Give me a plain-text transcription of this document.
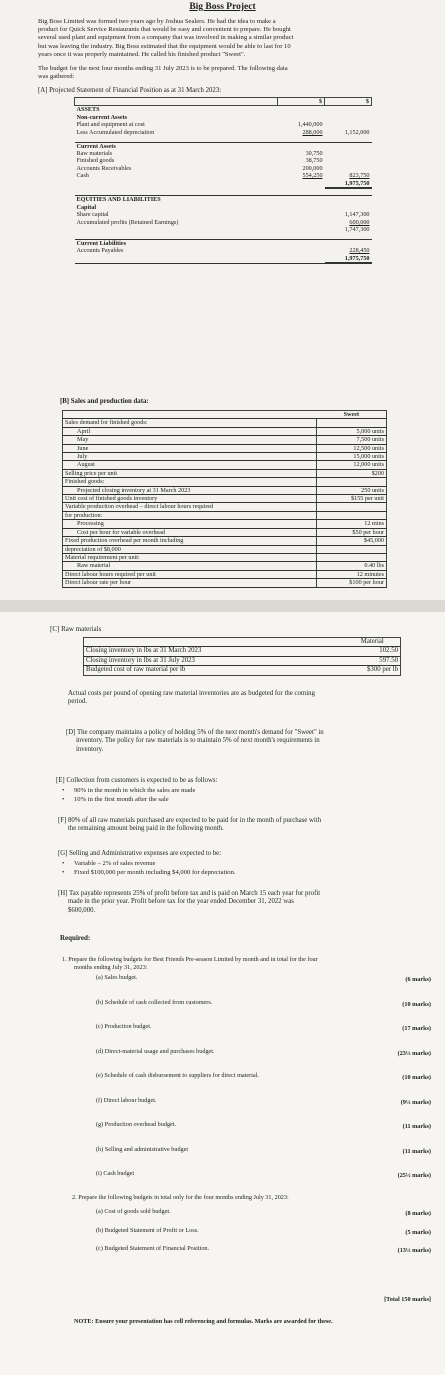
Big Boss Project
Big Boss Limited was formed two years ago by Joshua Sealers. He had the idea to make a
product for Quick Service Restaurants that would be easy and convenient to prepare. He bought
several used plant and equipment from a company that was involved in making a similar product
but was leaving the industry. Big Boss estimated that the equipment would be able to last for 10
years once it was properly maintained. He called his finished product "Sweet".
The budget for the next four months ending 31 July 2023 is to be prepared. The following data
was gathered:
[A] Projected Statement of Financial Position as at 31 March 2023:
	$	$
ASSETS		
Non-current Assets		
Plant and equipment at cost	1,440,000	
Less Accumulated depreciation	288,000	1,152,000

Current Assets		
Raw materials	30,750	
Finished goods	38,750	
Accounts Receivables	200,000	
Cash	554,250	823,750
		1,975,750

EQUITIES AND LIABILITIES		
Capital		
Share capital		1,147,300
Accumulated profits (Retained Earnings)		600,000
		1,747,300

Current Liabilities		
Accounts Payables		228,450
		1,975,750
[B] Sales and production data:
	Sweet
Sales demand for finished goods:	
April	5,000 units
May	7,500 units
June	12,500 units
July	15,000 units
August	12,000 units
Selling price per unit	$200
Finished goods:	
Projected closing inventory at 31 March 2023	250 units
Unit cost of finished goods inventory	$155 per unit
Variable production overhead – direct labour hours required	
for production:	
Processing	12 mins
Cost per hour for variable overhead	$50 per hour
Fixed production overhead per month including	$45,000
depreciation of $8,000	
Material requirement per unit:	
Raw material	0.40 lbs
Direct labour hours required per unit	12 minutes
Direct labour rate per hour	$100 per hour
[C] Raw materials
	Material
Closing inventory in lbs at 31 March 2023	102.50
Closing inventory in lbs at 31 July 2023	597.50
Budgeted cost of raw material per lb	$300 per lb
Actual costs per pound of opening raw material inventories are as budgeted for the coming
period.
[D] The company maintains a policy of holding 5% of the next month's demand for "Sweet" in
inventory. The policy for raw materials is to maintain 5% of next month's requirements in
inventory.
[E] Collection from customers is expected to be as follows:
• 90% in the month in which the sales are made
• 10% in the first month after the sale
[F] 80% of all raw materials purchased are expected to be paid for in the month of purchase with
the remaining amount being paid in the following month.
[G] Selling and Administrative expenses are expected to be:
• Variable – 2% of sales revenue
• Fixed $100,000 per month including $4,000 for depreciation.
[H] Tax payable represents 25% of profit before tax and is paid on March 15 each year for profit
made in the prior year. Profit before tax for the year ended December 31, 2022 was
$600,000.
Required:
1. Prepare the following budgets for Best Friends Pre-season Limited by month and in total for the four
months ending July 31, 2023:
(a) Sales budget.	(6 marks)
(b) Schedule of cash collected from customers.	(10 marks)
(c) Production budget.	(17 marks)
(d) Direct-material usage and purchases budget.	(23½ marks)
(e) Schedule of cash disbursement to suppliers for direct material.	(10 marks)
(f) Direct labour budget.	(9½ marks)
(g) Production overhead budget.	(11 marks)
(h) Selling and administrative budget	(11 marks)
(i) Cash budget	(25½ marks)
2. Prepare the following budgets in total only for the four months ending July 31, 2023:
(a) Cost of goods sold budget.	(8 marks)
(b) Budgeted Statement of Profit or Loss.	(5 marks)
(c) Budgeted Statement of Financial Position.	(13½ marks)
[Total 150 marks]
NOTE: Ensure your presentation has cell referencing and formulas. Marks are awarded for these.
